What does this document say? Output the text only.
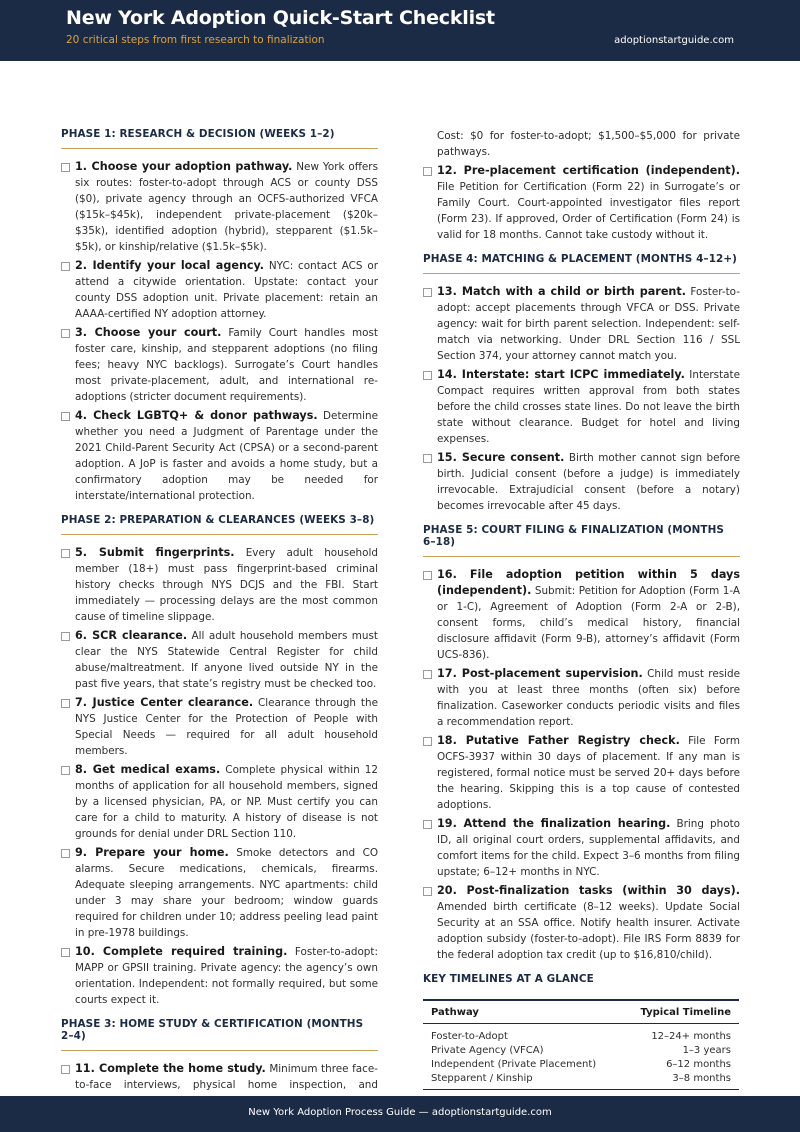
New York Adoption Quick-Start Checklist
20 critical steps from first research to finalization	adoptionstartguide.com
PHASE 1: RESEARCH & DECISION (WEEKS 1–2)
1. Choose your adoption pathway. New York offers six routes: foster-to-adopt through ACS or county DSS ($0), private agency through an OCFS-authorized VFCA ($15k–$45k), independent private-placement ($20k–$35k), identified adoption (hybrid), stepparent ($1.5k–$5k), or kinship/relative ($1.5k–$5k).
2. Identify your local agency. NYC: contact ACS or attend a citywide orientation. Upstate: contact your county DSS adoption unit. Private placement: retain an AAAA-certified NY adoption attorney.
3. Choose your court. Family Court handles most foster care, kinship, and stepparent adoptions (no filing fees; heavy NYC backlogs). Surrogate’s Court handles most private-placement, adult, and international re-adoptions (stricter document requirements).
4. Check LGBTQ+ & donor pathways. Determine whether you need a Judgment of Parentage under the 2021 Child-Parent Security Act (CPSA) or a second-parent adoption. A JoP is faster and avoids a home study, but a confirmatory adoption may be needed for interstate/international protection.
PHASE 2: PREPARATION & CLEARANCES (WEEKS 3–8)
5. Submit fingerprints. Every adult household member (18+) must pass fingerprint-based criminal history checks through NYS DCJS and the FBI. Start immediately — processing delays are the most common cause of timeline slippage.
6. SCR clearance. All adult household members must clear the NYS Statewide Central Register for child abuse/maltreatment. If anyone lived outside NY in the past five years, that state’s registry must be checked too.
7. Justice Center clearance. Clearance through the NYS Justice Center for the Protection of People with Special Needs — required for all adult household members.
8. Get medical exams. Complete physical within 12 months of application for all household members, signed by a licensed physician, PA, or NP. Must certify you can care for a child to maturity. A history of disease is not grounds for denial under DRL Section 110.
9. Prepare your home. Smoke detectors and CO alarms. Secure medications, chemicals, firearms. Adequate sleeping arrangements. NYC apartments: child under 3 may share your bedroom; window guards required for children under 10; address peeling lead paint in pre-1978 buildings.
10. Complete required training. Foster-to-adopt: MAPP or GPSII training. Private agency: the agency’s own orientation. Independent: not formally required, but some courts expect it.
PHASE 3: HOME STUDY & CERTIFICATION (MONTHS 2–4)
11. Complete the home study. Minimum three face-to-face interviews, physical home inspection, and
Cost: $0 for foster-to-adopt; $1,500–$5,000 for private pathways.
12. Pre-placement certification (independent). File Petition for Certification (Form 22) in Surrogate’s or Family Court. Court-appointed investigator files report (Form 23). If approved, Order of Certification (Form 24) is valid for 18 months. Cannot take custody without it.
PHASE 4: MATCHING & PLACEMENT (MONTHS 4–12+)
13. Match with a child or birth parent. Foster-to-adopt: accept placements through VFCA or DSS. Private agency: wait for birth parent selection. Independent: self-match via networking. Under DRL Section 116 / SSL Section 374, your attorney cannot match you.
14. Interstate: start ICPC immediately. Interstate Compact requires written approval from both states before the child crosses state lines. Do not leave the birth state without clearance. Budget for hotel and living expenses.
15. Secure consent. Birth mother cannot sign before birth. Judicial consent (before a judge) is immediately irrevocable. Extrajudicial consent (before a notary) becomes irrevocable after 45 days.
PHASE 5: COURT FILING & FINALIZATION (MONTHS 6–18)
16. File adoption petition within 5 days (independent). Submit: Petition for Adoption (Form 1-A or 1-C), Agreement of Adoption (Form 2-A or 2-B), consent forms, child’s medical history, financial disclosure affidavit (Form 9-B), attorney’s affidavit (Form UCS-836).
17. Post-placement supervision. Child must reside with you at least three months (often six) before finalization. Caseworker conducts periodic visits and files a recommendation report.
18. Putative Father Registry check. File Form OCFS-3937 within 30 days of placement. If any man is registered, formal notice must be served 20+ days before the hearing. Skipping this is a top cause of contested adoptions.
19. Attend the finalization hearing. Bring photo ID, all original court orders, supplemental affidavits, and comfort items for the child. Expect 3–6 months from filing upstate; 6–12+ months in NYC.
20. Post-finalization tasks (within 30 days). Amended birth certificate (8–12 weeks). Update Social Security at an SSA office. Notify health insurer. Activate adoption subsidy (foster-to-adopt). File IRS Form 8839 for the federal adoption tax credit (up to $16,810/child).
KEY TIMELINES AT A GLANCE
Pathway	Typical Timeline
Foster-to-Adopt	12–24+ months
Private Agency (VFCA)	1–3 years
Independent (Private Placement)	6–12 months
Stepparent / Kinship	3–8 months
New York Adoption Process Guide — adoptionstartguide.com
